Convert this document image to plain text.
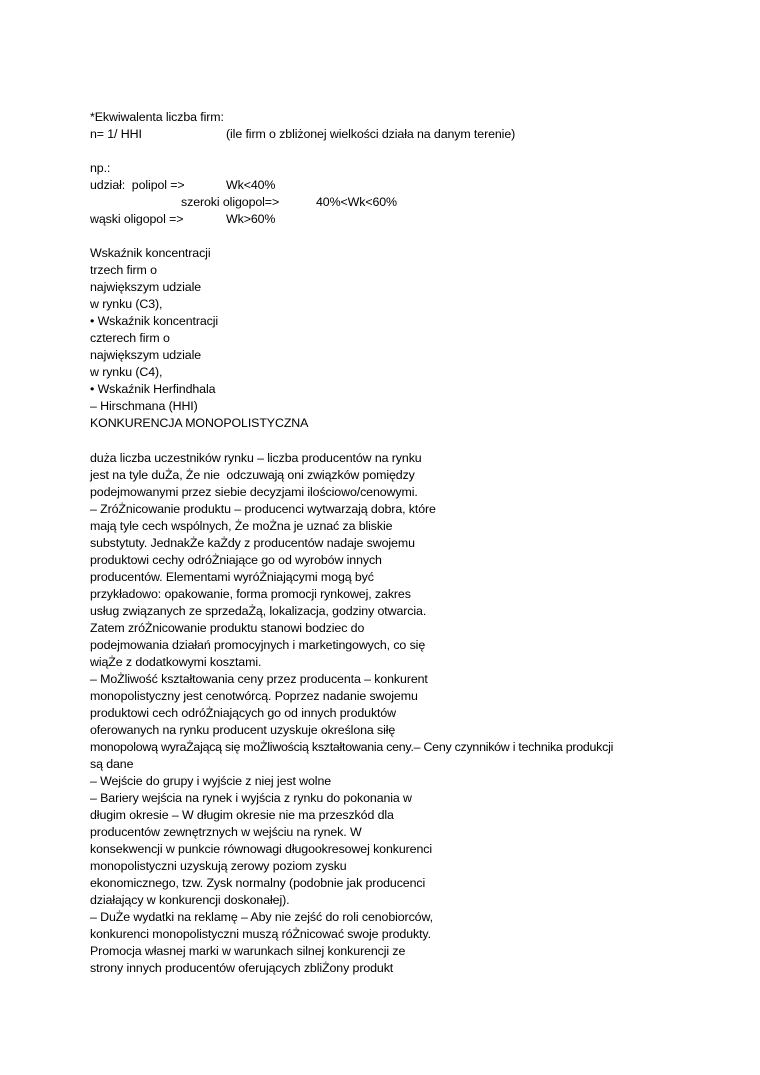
*Ekwiwalenta liczba firm:
n= 1/ HHI	(ile firm o zbliżonej wielkości działa na danym terenie)
np.:
udział:  polipol =>	Wk<40%
szeroki oligopol=>	40%<Wk<60%
wąski oligopol =>	Wk>60%
Wskaźnik koncentracji
trzech firm o
największym udziale
w rynku (C3),
• Wskaźnik koncentracji
czterech firm o
największym udziale
w rynku (C4),
• Wskaźnik Herfindhala
– Hirschmana (HHI)
KONKURENCJA MONOPOLISTYCZNA
duża liczba uczestników rynku – liczba producentów na rynku
jest na tyle duŻa, Że nie  odczuwają oni związków pomiędzy
podejmowanymi przez siebie decyzjami ilościowo/cenowymi.
– ZróŻnicowanie produktu – producenci wytwarzają dobra, które
mają tyle cech wspólnych, Że moŻna je uznać za bliskie
substytuty. JednakŻe kaŻdy z producentów nadaje swojemu
produktowi cechy odróŻniające go od wyrobów innych
producentów. Elementami wyróŻniającymi mogą być
przykładowo: opakowanie, forma promocji rynkowej, zakres
usług związanych ze sprzedaŻą, lokalizacja, godziny otwarcia.
Zatem zróŻnicowanie produktu stanowi bodziec do
podejmowania działań promocyjnych i marketingowych, co się
wiąŻe z dodatkowymi kosztami.
– MoŻliwość kształtowania ceny przez producenta – konkurent
monopolistyczny jest cenotwórcą. Poprzez nadanie swojemu
produktowi cech odróŻniających go od innych produktów
oferowanych na rynku producent uzyskuje określona siłę
monopolową wyraŻającą się moŻliwością kształtowania ceny.– Ceny czynników i technika produkcji
są dane
– Wejście do grupy i wyjście z niej jest wolne
– Bariery wejścia na rynek i wyjścia z rynku do pokonania w
długim okresie – W długim okresie nie ma przeszkód dla
producentów zewnętrznych w wejściu na rynek. W
konsekwencji w punkcie równowagi długookresowej konkurenci
monopolistyczni uzyskują zerowy poziom zysku
ekonomicznego, tzw. Zysk normalny (podobnie jak producenci
działający w konkurencji doskonałej).
– DuŻe wydatki na reklamę – Aby nie zejść do roli cenobiorców,
konkurenci monopolistyczni muszą róŻnicować swoje produkty.
Promocja własnej marki w warunkach silnej konkurencji ze
strony innych producentów oferujących zbliŻony produkt
